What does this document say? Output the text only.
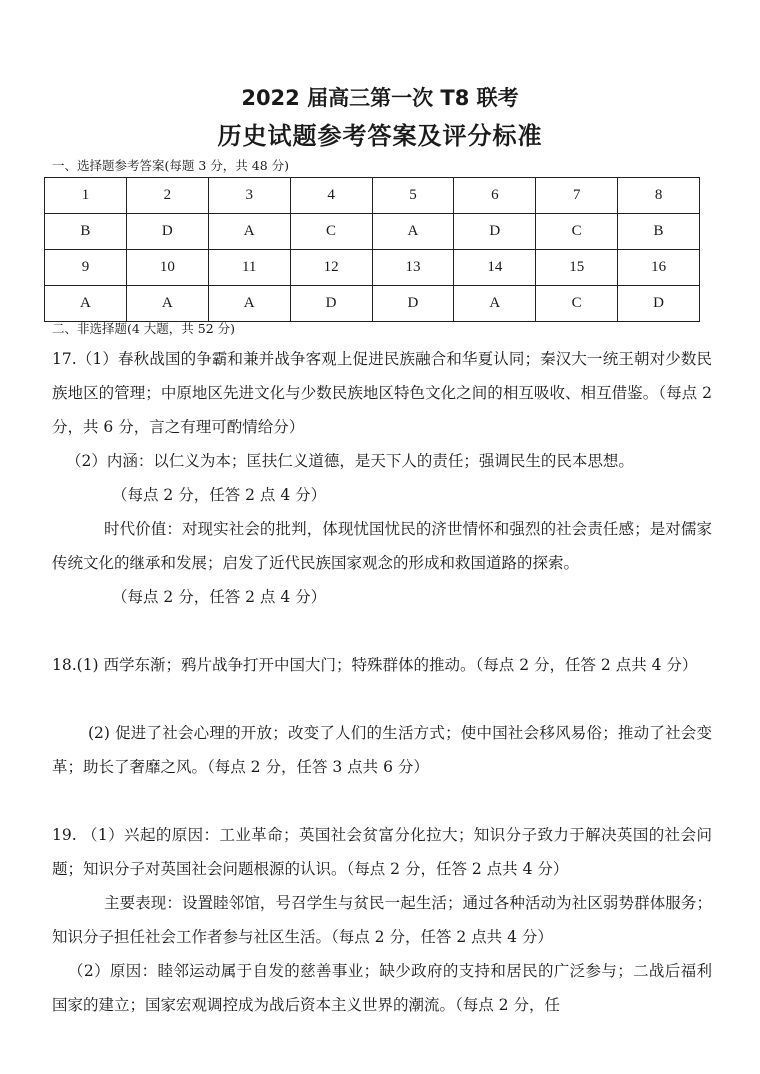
2022 届高三第一次 T8 联考
历史试题参考答案及评分标准
一、选择题参考答案(每题 3 分，共 48 分)
1	2	3	4	5	6	7	8
B	D	A	C	A	D	C	B
9	10	11	12	13	14	15	16
A	A	A	D	D	A	C	D
二、非选择题(4 大题，共 52 分)

17.（1）春秋战国的争霸和兼并战争客观上促进民族融合和华夏认同；秦汉大一统王朝对少数民族地区的管理；中原地区先进文化与少数民族地区特色文化之间的相互吸收、相互借鉴。（每点 2 分，共 6 分，言之有理可酌情给分）

（2）内涵：以仁义为本；匡扶仁义道德，是天下人的责任；强调民生的民本思想。

（每点 2 分，任答 2 点 4 分）

时代价值：对现实社会的批判，体现忧国忧民的济世情怀和强烈的社会责任感；是对儒家传统文化的继承和发展；启发了近代民族国家观念的形成和救国道路的探索。

（每点 2 分，任答 2 点 4 分）

18.(1) 西学东渐；鸦片战争打开中国大门；特殊群体的推动。（每点 2 分，任答 2 点共 4 分）

(2) 促进了社会心理的开放；改变了人们的生活方式；使中国社会移风易俗；推动了社会变革；助长了奢靡之风。（每点 2 分，任答 3 点共 6 分）

19. （1）兴起的原因：工业革命；英国社会贫富分化拉大；知识分子致力于解决英国的社会问题；知识分子对英国社会问题根源的认识。（每点 2 分，任答 2 点共 4 分）

主要表现：设置睦邻馆，号召学生与贫民一起生活；通过各种活动为社区弱势群体服务；知识分子担任社会工作者参与社区生活。（每点 2 分，任答 2 点共 4 分）

（2）原因：睦邻运动属于自发的慈善事业；缺少政府的支持和居民的广泛参与；二战后福利国家的建立；国家宏观调控成为战后资本主义世界的潮流。（每点 2 分，任
